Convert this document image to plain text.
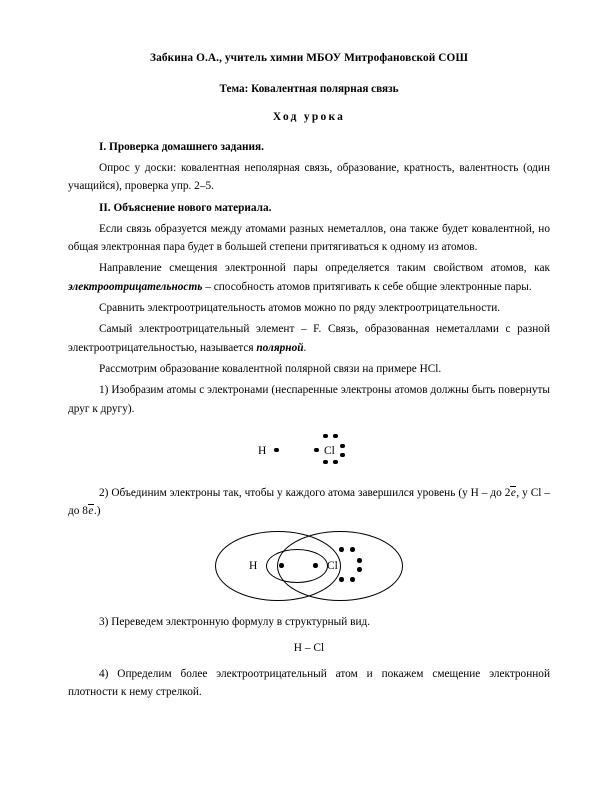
Забкина О.А., учитель химии МБОУ Митрофановской СОШ
Тема: Ковалентная полярная связь
Ход урока

I. Проверка домашнего задания.

Опрос у доски: ковалентная неполярная связь, образование, кратность, валентность (один учащийся), проверка упр. 2–5.

II. Объяснение нового материала.

Если связь образуется между атомами разных неметаллов, она также будет ковалентной, но общая электронная пара будет в большей степени притягиваться к одному из атомов.

Направление смещения электронной пары определяется таким свойством атомов, как электроотрицательность – способность атомов притягивать к себе общие электронные пары.

Сравнить электроотрицательность атомов можно по ряду электроотрицательности.

Самый электроотрицательный элемент – F. Связь, образованная неметаллами с разной электроотрицательностью, называется полярной.

Рассмотрим образование ковалентной полярной связи на примере HCl.

1) Изобразим атомы с электронами (неспаренные электроны атомов должны быть повернуты друг к другу).

Н	Cl

2) Объединим электроны так, чтобы у каждого атома завершился уровень (у Н – до 2e, у Cl – до 8e.)

Н	Cl

3) Переведем электронную формулу в структурный вид.

Н – Cl

4) Определим более электроотрицательный атом и покажем смещение электронной плотности к нему стрелкой.
